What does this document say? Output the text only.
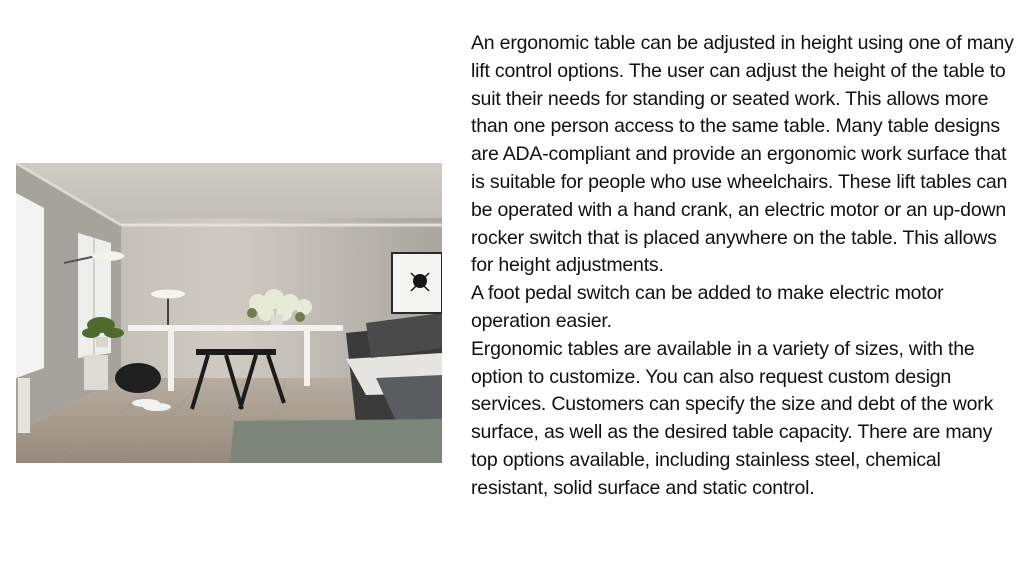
An ergonomic table can be adjusted in height using one of many lift control options. The user can adjust the height of the table to suit their needs for standing or seated work. This allows more than one person access to the same table. Many table designs are ADA-compliant and provide an ergonomic work surface that is suitable for people who use wheelchairs. These lift tables can be operated with a hand crank, an electric motor or an up-down rocker switch that is placed anywhere on the table. This allows for height adjustments.

A foot pedal switch can be added to make electric motor operation easier.

Ergonomic tables are available in a variety of sizes, with the option to customize. You can also request custom design services. Customers can specify the size and debt of the work surface, as well as the desired table capacity. There are many top options available, including stainless steel, chemical resistant, solid surface and static control.
